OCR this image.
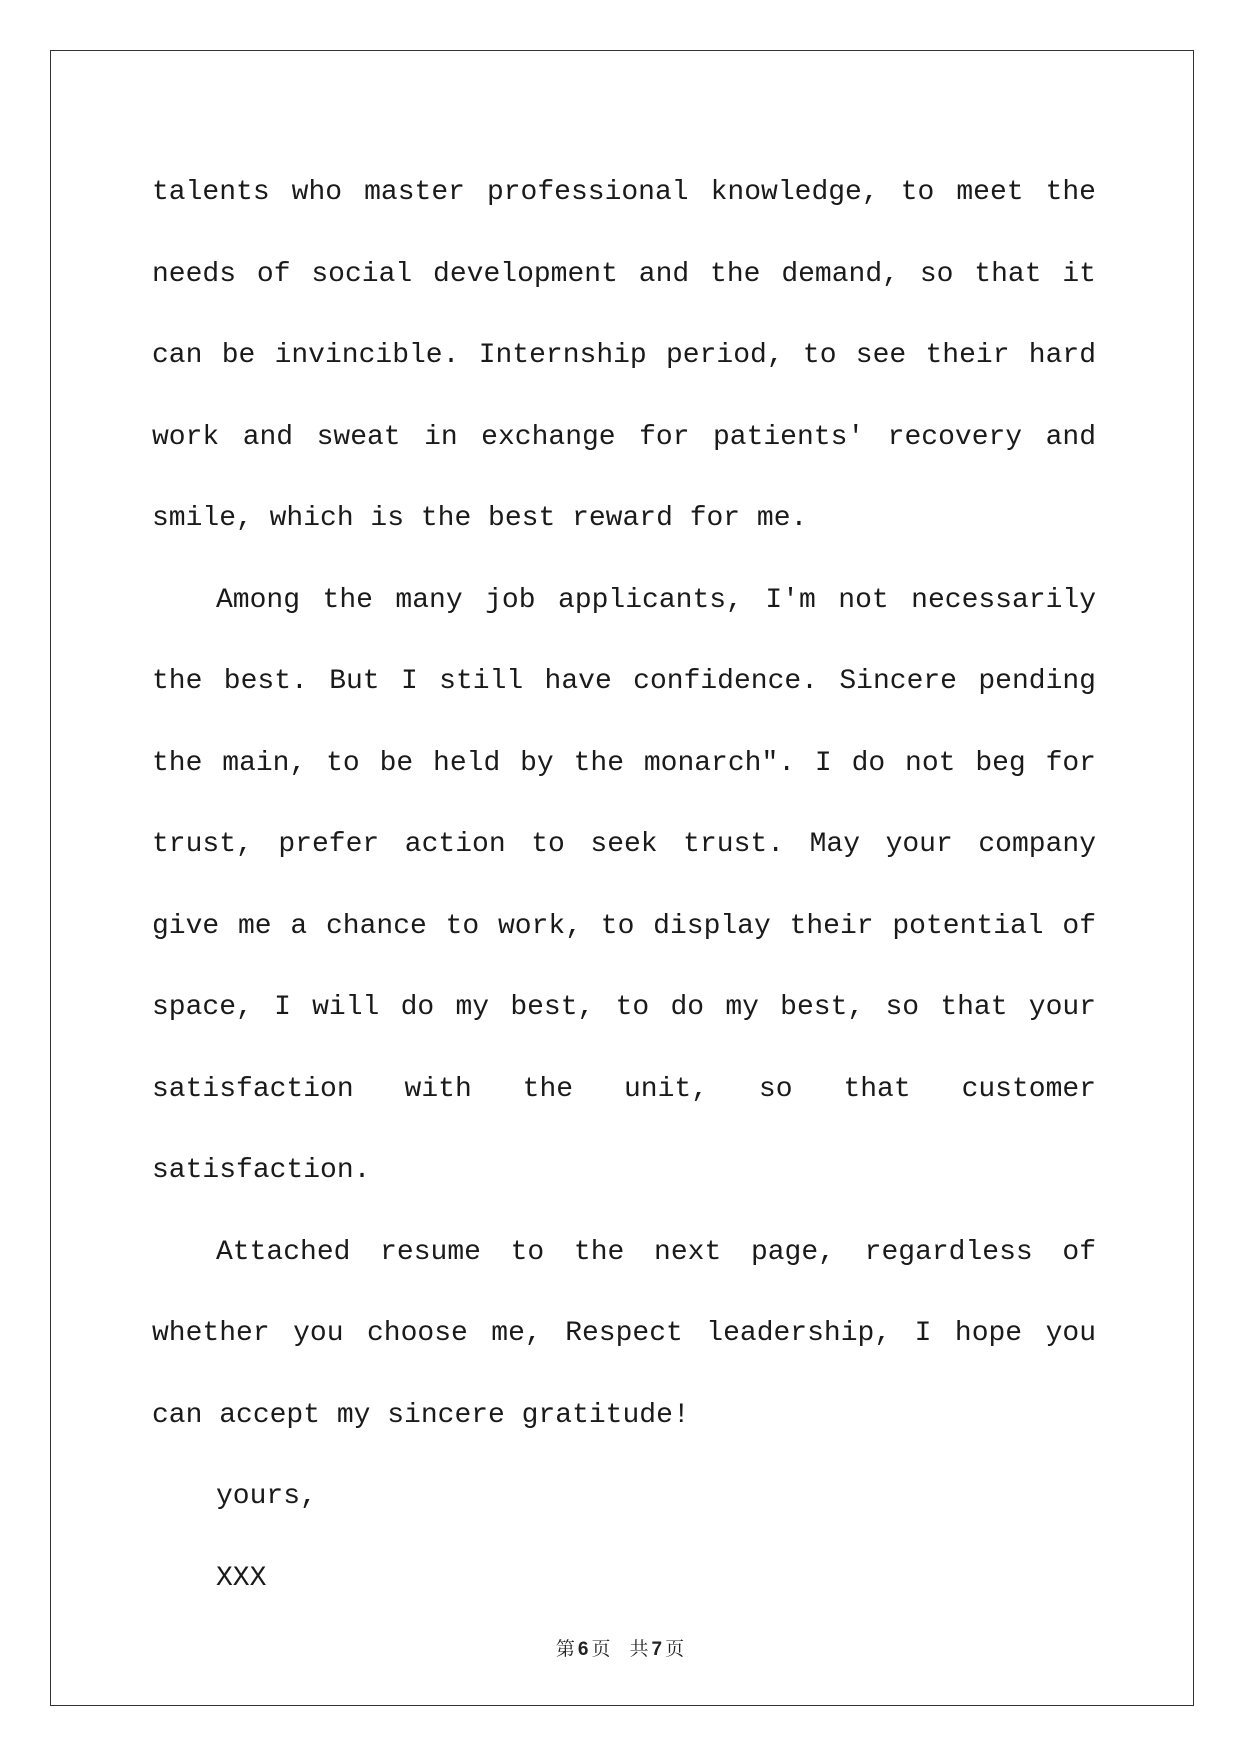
talents who master professional knowledge, to meet the needs of social development and the demand, so that it can be invincible. Internship period, to see their hard work and sweat in exchange for patients' recovery and smile, which is the best reward for me.

Among the many job applicants, I'm not necessarily the best. But I still have confidence. Sincere pending the main, to be held by the monarch". I do not beg for trust, prefer action to seek trust. May your company give me a chance to work, to display their potential of space, I will do my best, to do my best, so that your satisfaction with the unit, so that customer satisfaction.

Attached resume to the next page, regardless of whether you choose me, Respect leadership, I hope you can accept my sincere gratitude!

yours,

XXX

第 6 页 共 7 页
